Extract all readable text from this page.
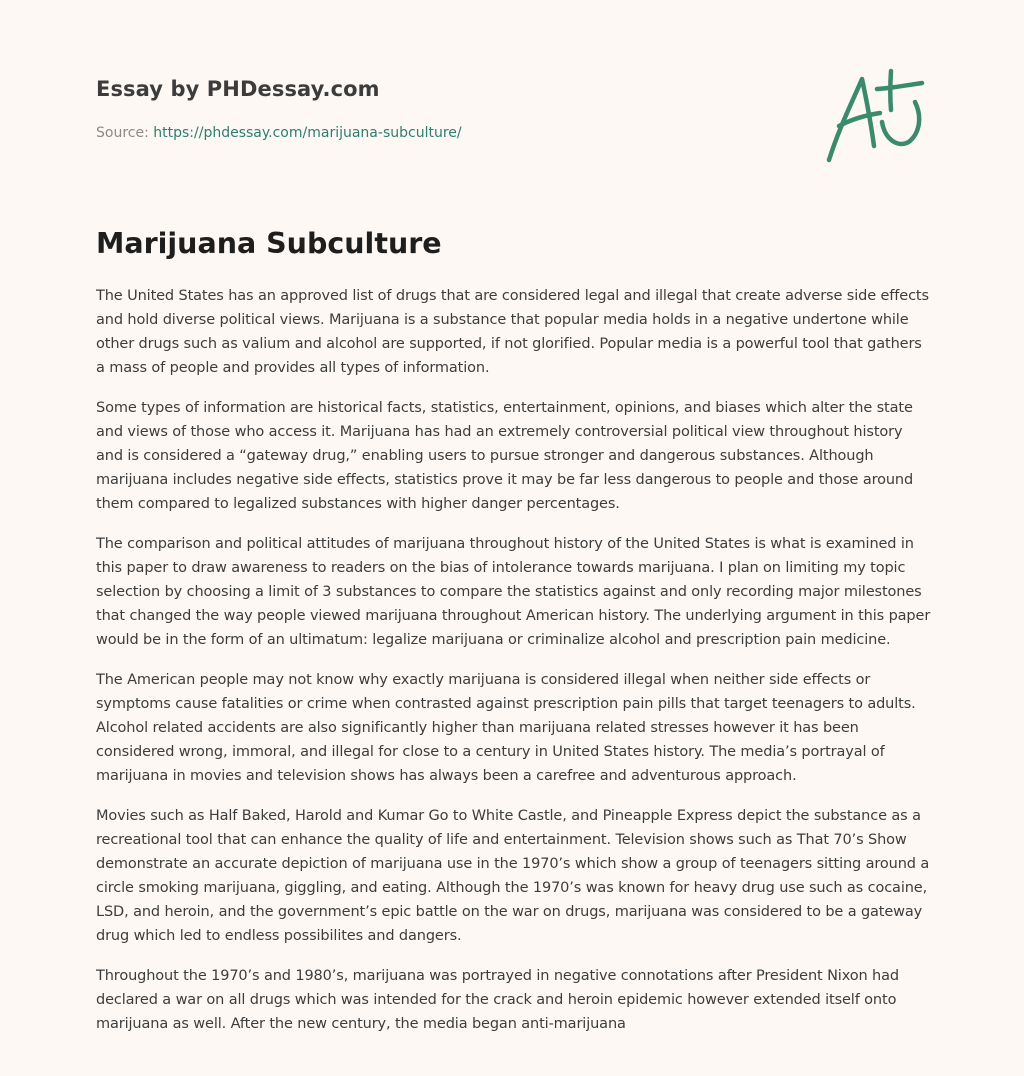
Essay by PHDessay.com
Source: https://phdessay.com/marijuana-subculture/
Marijuana Subculture

The United States has an approved list of drugs that are considered legal and illegal that create adverse side effects and hold diverse political views. Marijuana is a substance that popular media holds in a negative undertone while other drugs such as valium and alcohol are supported, if not glorified. Popular media is a powerful tool that gathers a mass of people and provides all types of information.

Some types of information are historical facts, statistics, entertainment, opinions, and biases which alter the state and views of those who access it. Marijuana has had an extremely controversial political view throughout history and is considered a “gateway drug,” enabling users to pursue stronger and dangerous substances. Although marijuana includes negative side effects, statistics prove it may be far less dangerous to people and those around them compared to legalized substances with higher danger percentages.

The comparison and political attitudes of marijuana throughout history of the United States is what is examined in this paper to draw awareness to readers on the bias of intolerance towards marijuana. I plan on limiting my topic selection by choosing a limit of 3 substances to compare the statistics against and only recording major milestones that changed the way people viewed marijuana throughout American history. The underlying argument in this paper would be in the form of an ultimatum: legalize marijuana or criminalize alcohol and prescription pain medicine.

The American people may not know why exactly marijuana is considered illegal when neither side effects or symptoms cause fatalities or crime when contrasted against prescription pain pills that target teenagers to adults. Alcohol related accidents are also significantly higher than marijuana related stresses however it has been considered wrong, immoral, and illegal for close to a century in United States history. The media’s portrayal of marijuana in movies and television shows has always been a carefree and adventurous approach.

Movies such as Half Baked, Harold and Kumar Go to White Castle, and Pineapple Express depict the substance as a recreational tool that can enhance the quality of life and entertainment. Television shows such as That 70’s Show demonstrate an accurate depiction of marijuana use in the 1970’s which show a group of teenagers sitting around a circle smoking marijuana, giggling, and eating. Although the 1970’s was known for heavy drug use such as cocaine, LSD, and heroin, and the government’s epic battle on the war on drugs, marijuana was considered to be a gateway drug which led to endless possibilites and dangers.

Throughout the 1970’s and 1980’s, marijuana was portrayed in negative connotations after President Nixon had declared a war on all drugs which was intended for the crack and heroin epidemic however extended itself onto marijuana as well. After the new century, the media began anti-marijuana
